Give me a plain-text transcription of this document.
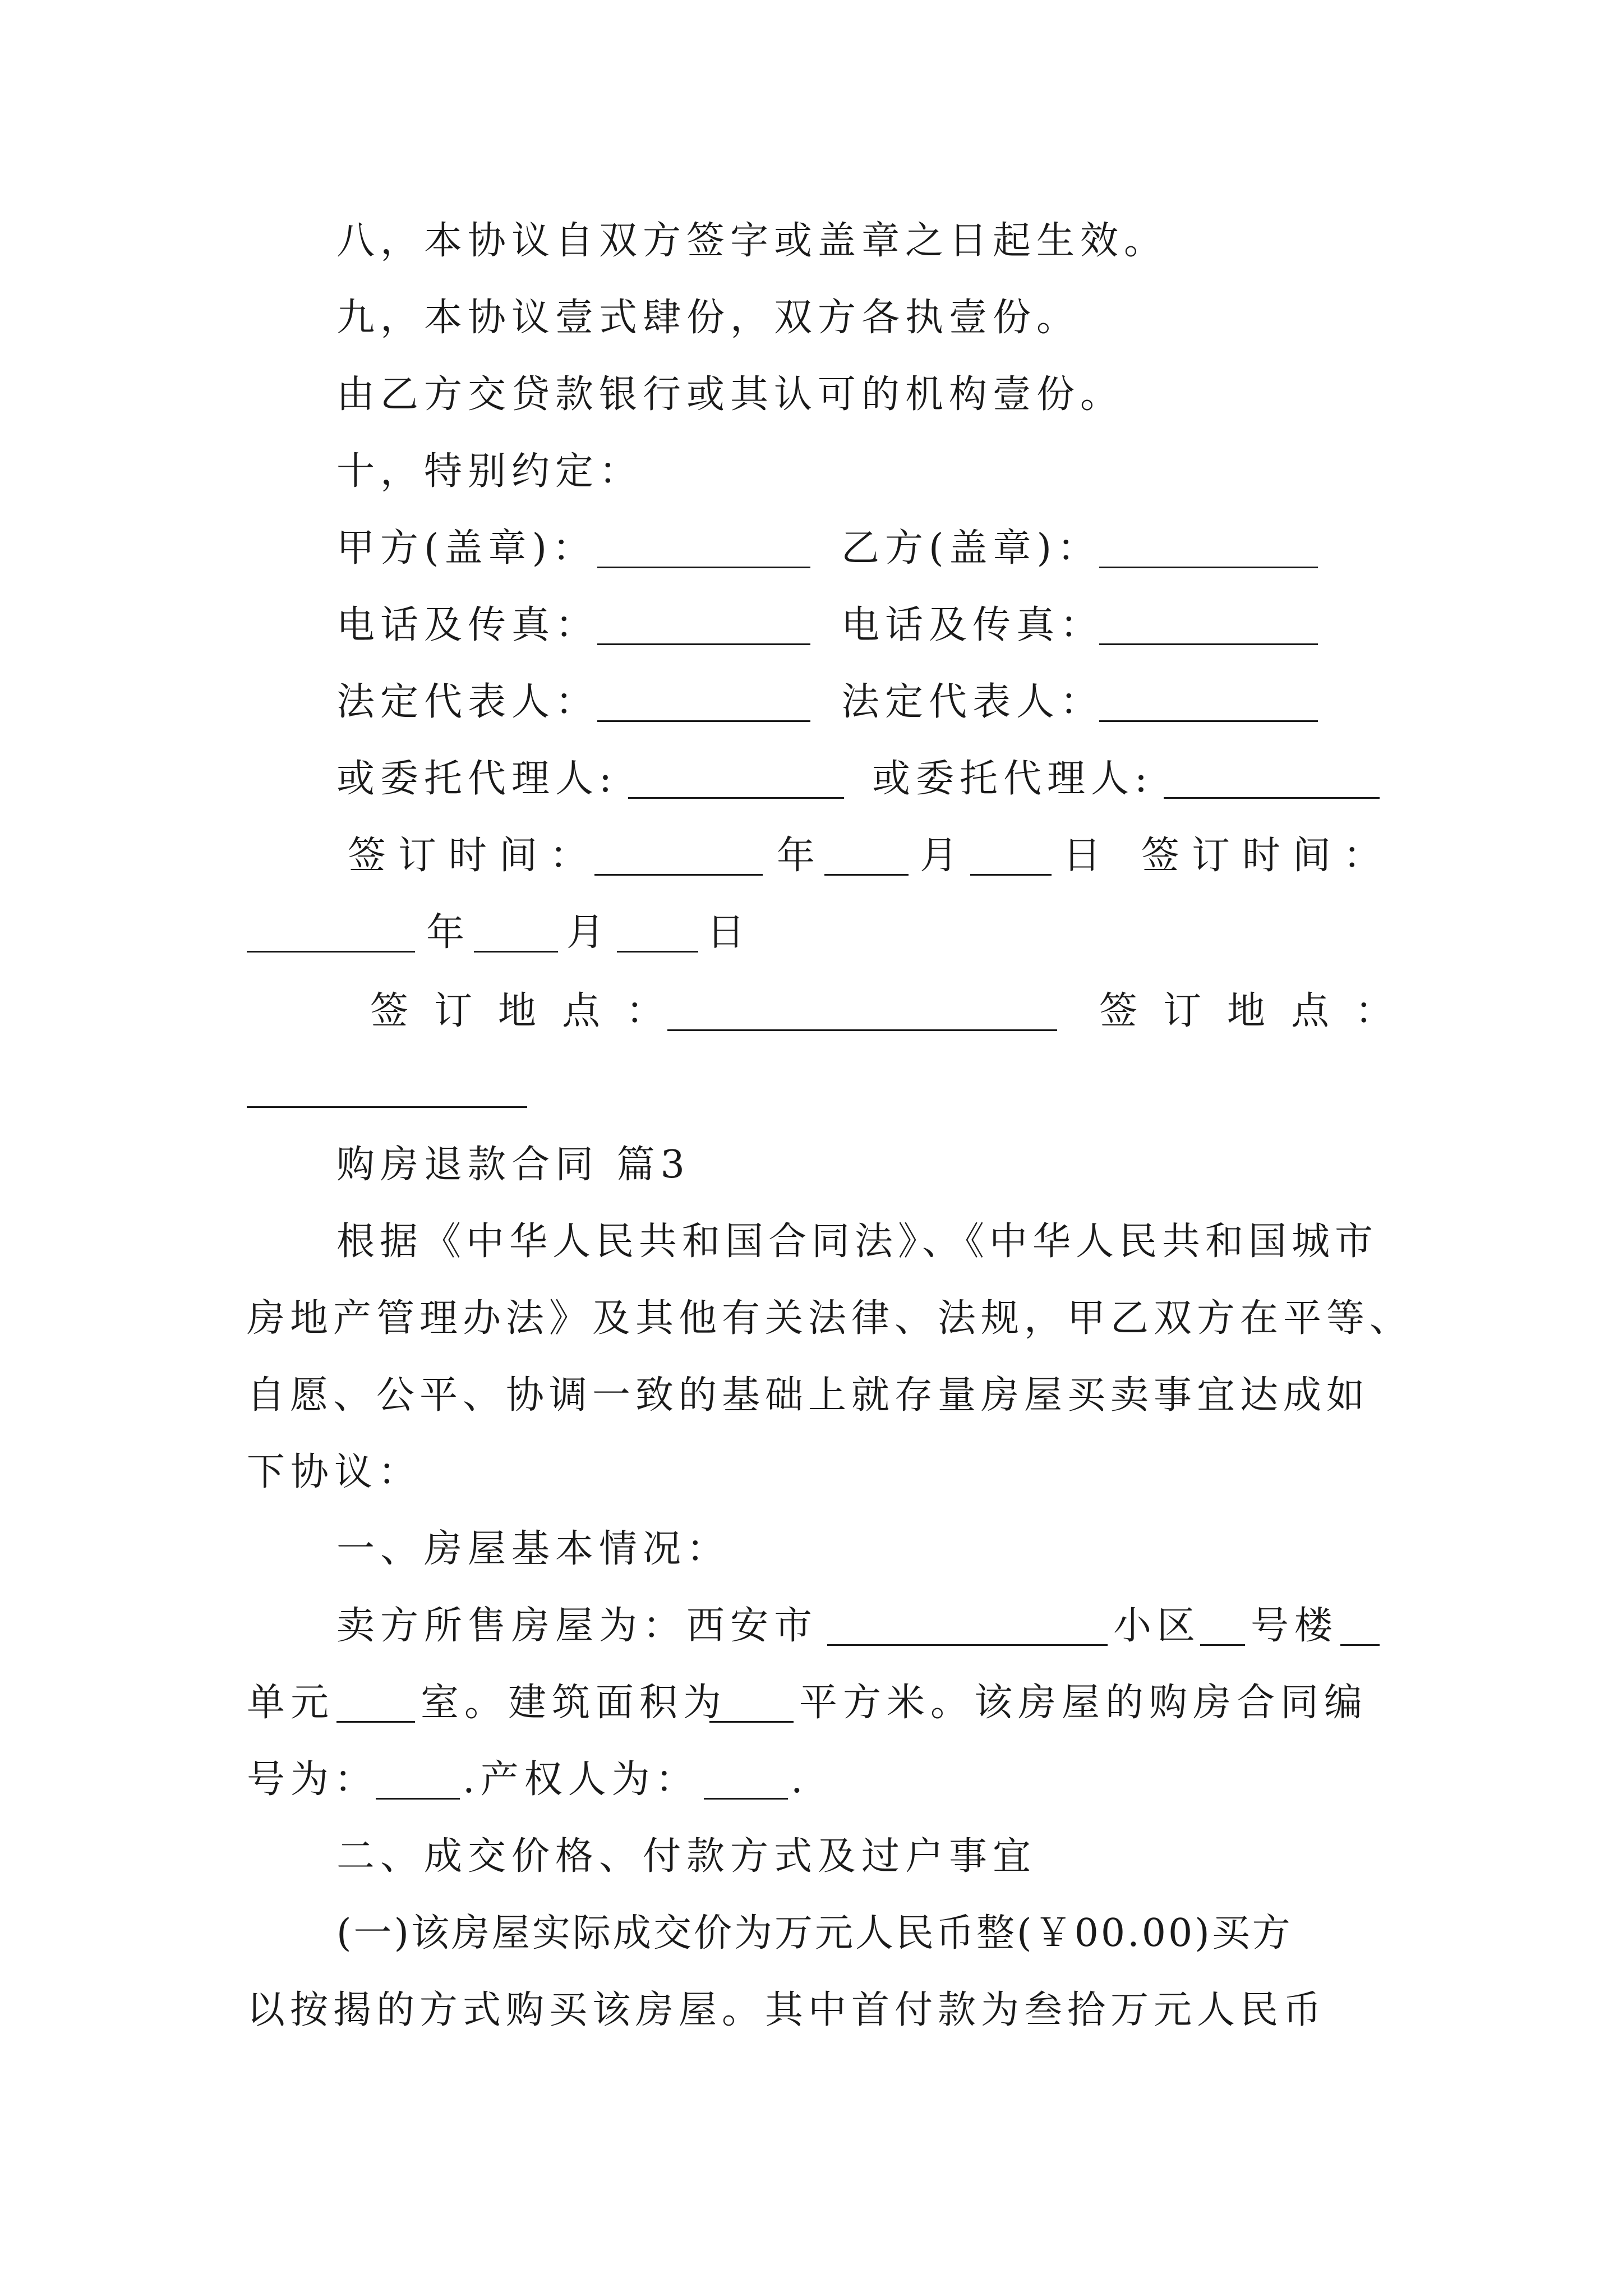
八，本协议自双方签字或盖章之日起生效。
九，本协议壹式肆份，双方各执壹份。
由乙方交贷款银行或其认可的机构壹份。
十，特别约定：
甲方(盖章)：	乙方(盖章)：
电话及传真：	电话及传真：
法定代表人：	法定代表人：
或委托代理人:	或委托代理人:
签订时间：	年	月	日 签订时间：
年	月	日
签订地点：	签订地点：
购房退款合同 篇3
根据《中华人民共和国合同法》、《中华人民共和国城市
房地产管理办法》及其他有关法律、法规，甲乙双方在平等、
自愿、公平、协调一致的基础上就存量房屋买卖事宜达成如
下协议：
一、房屋基本情况：
卖方所售房屋为：西安市	小区 号楼
单元 室。建筑面积为 平方米。该房屋的购房合同编
号为： .产权人为： .
二、成交价格、付款方式及过户事宜
(一)该房屋实际成交价为万元人民币整(￥00.00)买方
以按揭的方式购买该房屋。其中首付款为叁拾万元人民币
